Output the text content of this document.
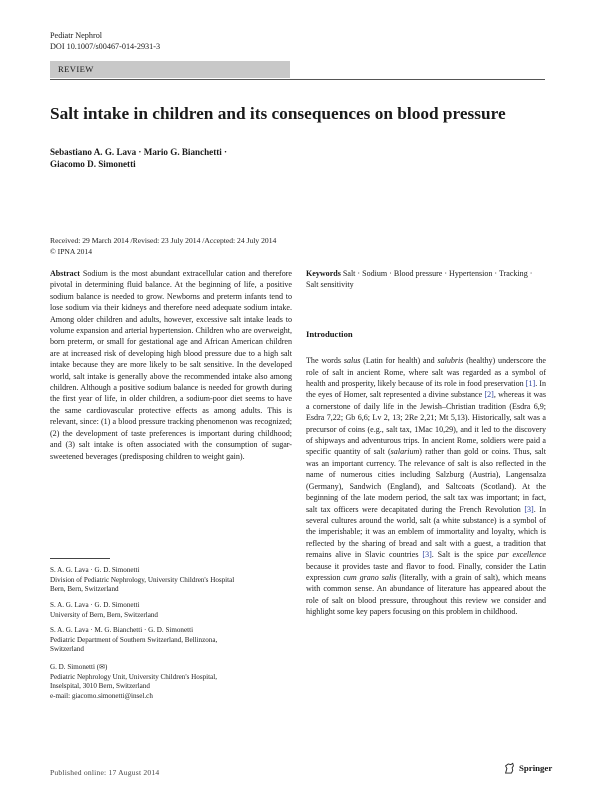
Pediatr Nephrol
DOI 10.1007/s00467-014-2931-3
REVIEW
Salt intake in children and its consequences on blood pressure
Sebastiano A. G. Lava · Mario G. Bianchetti ·
Giacomo D. Simonetti
Received: 29 March 2014 /Revised: 23 July 2014 /Accepted: 24 July 2014
© IPNA 2014
Abstract Sodium is the most abundant extracellular cation and therefore pivotal in determining fluid balance. At the beginning of life, a positive sodium balance is needed to grow. Newborns and preterm infants tend to lose sodium via their kidneys and therefore need adequate sodium intake. Among older children and adults, however, excessive salt intake leads to volume expansion and arterial hypertension. Children who are overweight, born preterm, or small for gestational age and African American children are at increased risk of developing high blood pressure due to a high salt intake because they are more likely to be salt sensitive. In the developed world, salt intake is generally above the recommended intake also among children. Although a positive sodium balance is needed for growth during the first year of life, in older children, a sodium-poor diet seems to have the same cardiovascular protective effects as among adults. This is relevant, since: (1) a blood pressure tracking phenomenon was recognized; (2) the development of taste preferences is important during childhood; and (3) salt intake is often associated with the consumption of sugar-sweetened beverages (predisposing children to weight gain).
S. A. G. Lava · G. D. Simonetti
Division of Pediatric Nephrology, University Children's Hospital
Bern, Bern, Switzerland
S. A. G. Lava · G. D. Simonetti
University of Bern, Bern, Switzerland
S. A. G. Lava · M. G. Bianchetti · G. D. Simonetti
Pediatric Department of Southern Switzerland, Bellinzona,
Switzerland
G. D. Simonetti (✉)
Pediatric Nephrology Unit, University Children's Hospital,
Inselspital, 3010 Bern, Switzerland
e-mail: giacomo.simonetti@insel.ch
Keywords Salt · Sodium · Blood pressure · Hypertension · Tracking · Salt sensitivity
Introduction
The words salus (Latin for health) and salubris (healthy) underscore the role of salt in ancient Rome, where salt was regarded as a symbol of health and prosperity, likely because of its role in food preservation [1]. In the eyes of Homer, salt represented a divine substance [2], whereas it was a cornerstone of daily life in the Jewish–Christian tradition (Esdra 6,9; Esdra 7,22; Gb 6,6; Lv 2, 13; 2Re 2,21; Mt 5,13). Historically, salt was a precursor of coins (e.g., salt tax, 1Mac 10,29), and it led to the discovery of shipways and adventurous trips. In ancient Rome, soldiers were paid a specific quantity of salt (salarium) rather than gold or coins. Thus, salt was an important currency. The relevance of salt is also reflected in the name of numerous cities including Salzburg (Austria), Langensalza (Germany), Sandwich (England), and Saltcoats (Scotland). At the beginning of the late modern period, the salt tax was important; in fact, salt tax officers were decapitated during the French Revolution [3]. In several cultures around the world, salt (a white substance) is a symbol of the imperishable; it was an emblem of immortality and loyalty, which is reflected by the sharing of bread and salt with a guest, a tradition that remains alive in Slavic countries [3]. Salt is the spice par excellence because it provides taste and flavor to food. Finally, consider the Latin expression cum grano salis (literally, with a grain of salt), which means with common sense. An abundance of literature has appeared about the role of salt on blood pressure, throughout this review we consider and highlight some key papers focusing on this problem in childhood.
Published online: 17 August 2014	Springer
